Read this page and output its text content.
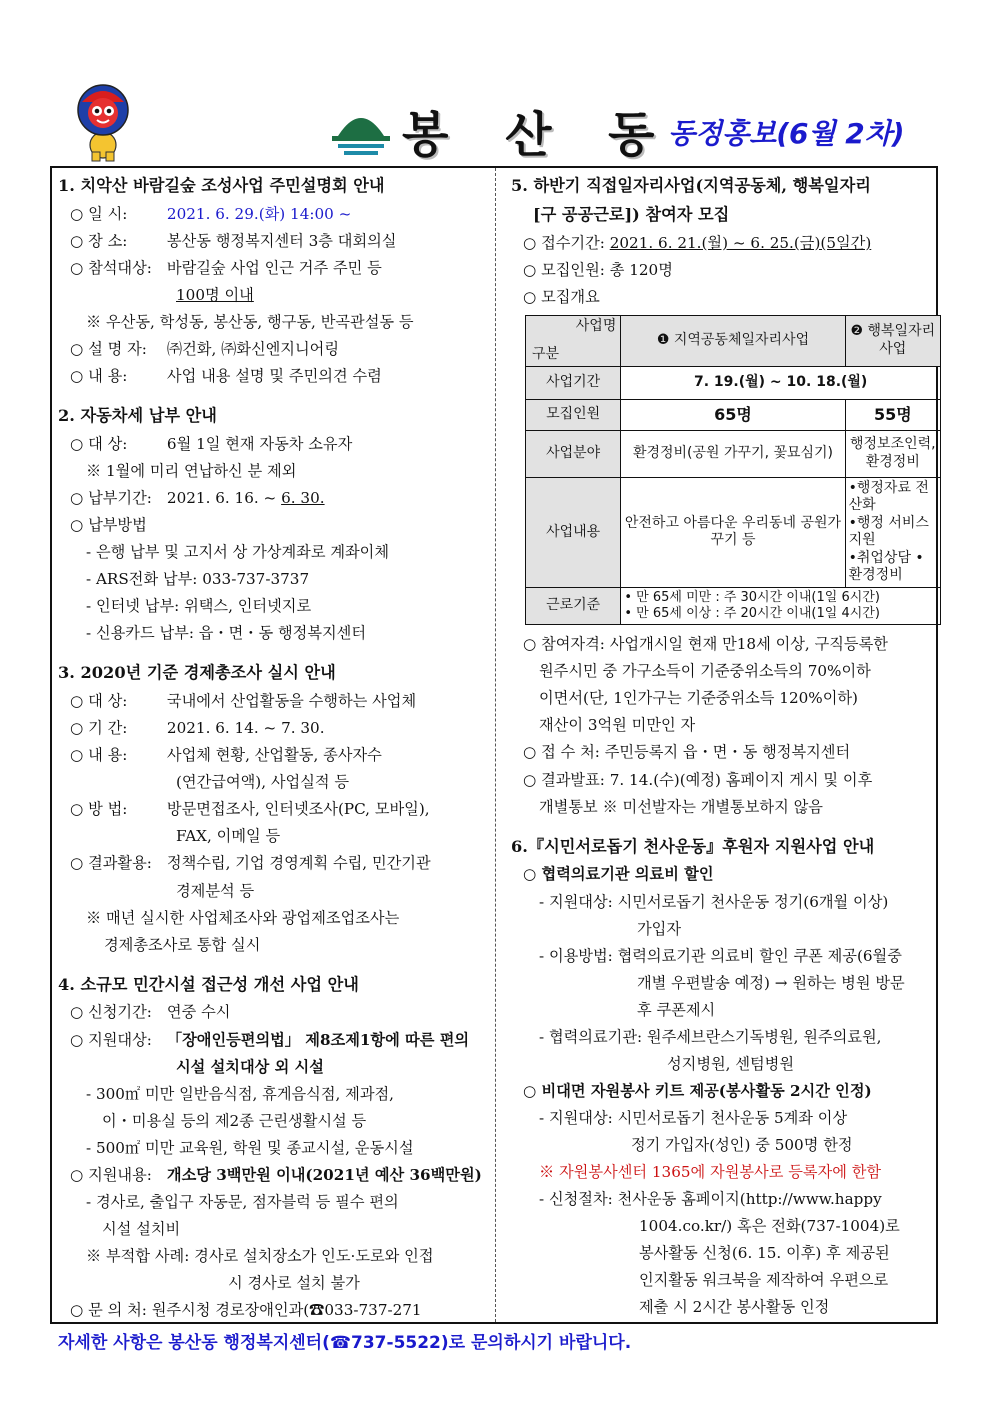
봉 산 동
동정홍보(6월 2차)
1. 치악산 바람길숲 조성사업 주민설명회 안내
○ 일 시:	2021. 6. 29.(화) 14:00 ~
○ 장 소:	봉산동 행정복지센터 3층 대회의실
○ 참석대상: 바람길숲 사업 인근 거주 주민 등
100명 이내
※ 우산동, 학성동, 봉산동, 행구동, 반곡관설동 등
○ 설 명 자: ㈜건화, ㈜화신엔지니어링
○ 내 용:	사업 내용 설명 및 주민의견 수렴
2. 자동차세 납부 안내
○ 대 상:	6월 1일 현재 자동차 소유자
※ 1월에 미리 연납하신 분 제외
○ 납부기간: 2021. 6. 16. ~ 6. 30.
○ 납부방법
- 은행 납부 및 고지서 상 가상계좌로 계좌이체
- ARS전화 납부: 033-737-3737
- 인터넷 납부: 위택스, 인터넷지로
- 신용카드 납부: 읍・면・동 행정복지센터
3. 2020년 기준 경제총조사 실시 안내
○ 대 상:	국내에서 산업활동을 수행하는 사업체
○ 기 간:	2021. 6. 14. ~ 7. 30.
○ 내 용:	사업체 현황, 산업활동, 종사자수
(연간급여액), 사업실적 등
○ 방 법:	방문면접조사, 인터넷조사(PC, 모바일),
FAX, 이메일 등
○ 결과활용: 정책수립, 기업 경영계획 수립, 민간기관
경제분석 등
※ 매년 실시한 사업체조사와 광업제조업조사는
경제총조사로 통합 실시
4. 소규모 민간시설 접근성 개선 사업 안내
○ 신청기간: 연중 수시
○ 지원대상: 「장애인등편의법」 제8조제1항에 따른 편의
시설 설치대상 외 시설
- 300㎡ 미만 일반음식점, 휴게음식점, 제과점,
이・미용실 등의 제2종 근린생활시설 등
- 500㎡ 미만 교육원, 학원 및 종교시설, 운동시설
○ 지원내용: 개소당 3백만원 이내(2021년 예산 36백만원)
- 경사로, 출입구 자동문, 점자블럭 등 필수 편의
시설 설치비
※ 부적합 사례: 경사로 설치장소가 인도·도로와 인접
시 경사로 설치 불가
○ 문 의 처: 원주시청 경로장애인과(☎033-737-271
5. 하반기 직접일자리사업(지역공동체, 행복일자리
[구 공공근로]) 참여자 모집
○ 접수기간: 2021. 6. 21.(월) ~ 6. 25.(금)(5일간)
○ 모집인원: 총 120명
○ 모집개요
사업명
구분	❶ 지역공동체일자리사업	❷ 행복일자리사업
사업기간	7. 19.(월) ~ 10. 18.(월)	
모집인원	65명	55명
사업분야	환경정비(공원 가꾸기, 꽃묘심기)	행정보조인력, 환경정비
사업내용	안전하고 아름다운 우리동네 공원가꾸기 등	•행정자료 전산화
•행정 서비스 지원
•취업상담 •환경정비

근로기준	• 만 65세 미만 : 주 30시간 이내(1일 6시간)
• 만 65세 이상 : 주 20시간 이내(1일 4시간)	
○ 참여자격: 사업개시일 현재 만18세 이상, 구직등록한
원주시민 중 가구소득이 기준중위소득의 70%이하
이면서(단, 1인가구는 기준중위소득 120%이하)
재산이 3억원 미만인 자
○ 접 수 처: 주민등록지 읍・면・동 행정복지센터
○ 결과발표: 7. 14.(수)(예정) 홈페이지 게시 및 이후
개별통보 ※ 미선발자는 개별통보하지 않음
6.『시민서로돕기 천사운동』후원자 지원사업 안내
○ 협력의료기관 의료비 할인
- 지원대상: 시민서로돕기 천사운동 정기(6개월 이상)
가입자
- 이용방법: 협력의료기관 의료비 할인 쿠폰 제공(6월중
개별 우편발송 예정) → 원하는 병원 방문
후 쿠폰제시
- 협력의료기관: 원주세브란스기독병원, 원주의료원,
성지병원, 센텀병원
○ 비대면 자원봉사 키트 제공(봉사활동 2시간 인정)
- 지원대상: 시민서로돕기 천사운동 5계좌 이상
정기 가입자(성인) 중 500명 한정
※ 자원봉사센터 1365에 자원봉사로 등록자에 한함
- 신청절차: 천사운동 홈페이지(http://www.happy
1004.co.kr/) 혹은 전화(737-1004)로
봉사활동 신청(6. 15. 이후) 후 제공된
인지활동 워크북을 제작하여 우편으로
제출 시 2시간 봉사활동 인정
자세한 사항은 봉산동 행정복지센터(☎737-5522)로 문의하시기 바랍니다.
